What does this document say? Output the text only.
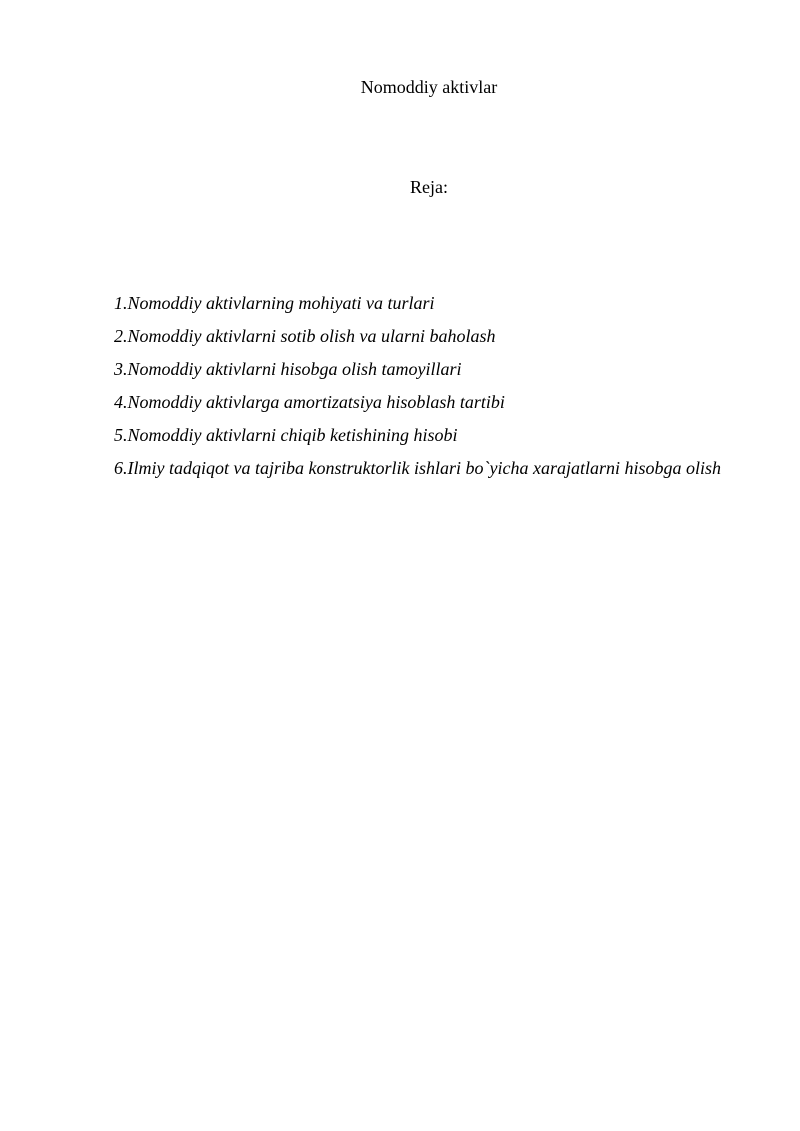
Nomoddiy aktivlar
Reja:
1.Nomoddiy aktivlarning mohiyati va turlari
2.Nomoddiy aktivlarni sotib olish va ularni baholash
3.Nomoddiy aktivlarni hisobga olish tamoyillari
4.Nomoddiy aktivlarga amortizatsiya hisoblash tartibi
5.Nomoddiy aktivlarni chiqib ketishining hisobi
6.Ilmiy tadqiqot va tajriba konstruktorlik ishlari bo`yicha xarajatlarni hisobga olish
